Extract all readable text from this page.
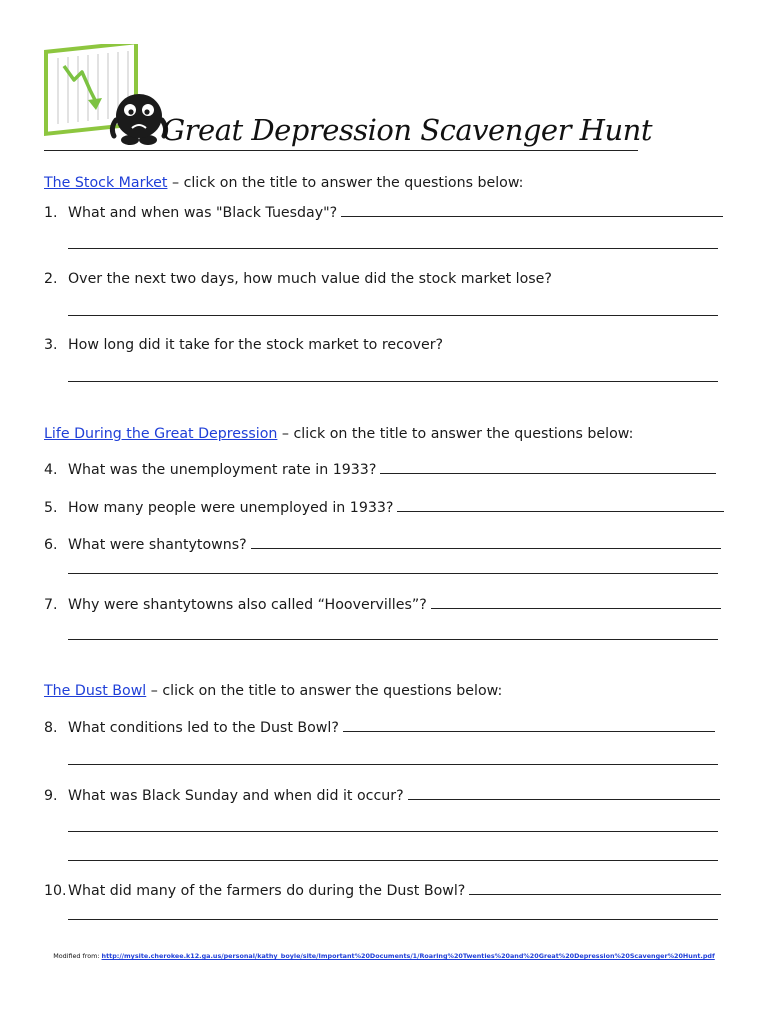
Great Depression Scavenger Hunt
The Stock Market – click on the title to answer the questions below:
1. What and when was "Black Tuesday"?
2. Over the next two days, how much value did the stock market lose?
3. How long did it take for the stock market to recover?
Life During the Great Depression – click on the title to answer the questions below:
4. What was the unemployment rate in 1933?
5. How many people were unemployed in 1933?
6. What were shantytowns?
7. Why were shantytowns also called “Hoovervilles”?
The Dust Bowl – click on the title to answer the questions below:
8. What conditions led to the Dust Bowl?
9. What was Black Sunday and when did it occur?
10.What did many of the farmers do during the Dust Bowl?
Modified from: http://mysite.cherokee.k12.ga.us/personal/kathy_boyle/site/Important%20Documents/1/Roaring%20Twenties%20and%20Great%20Depression%20Scavenger%20Hunt.pdf
